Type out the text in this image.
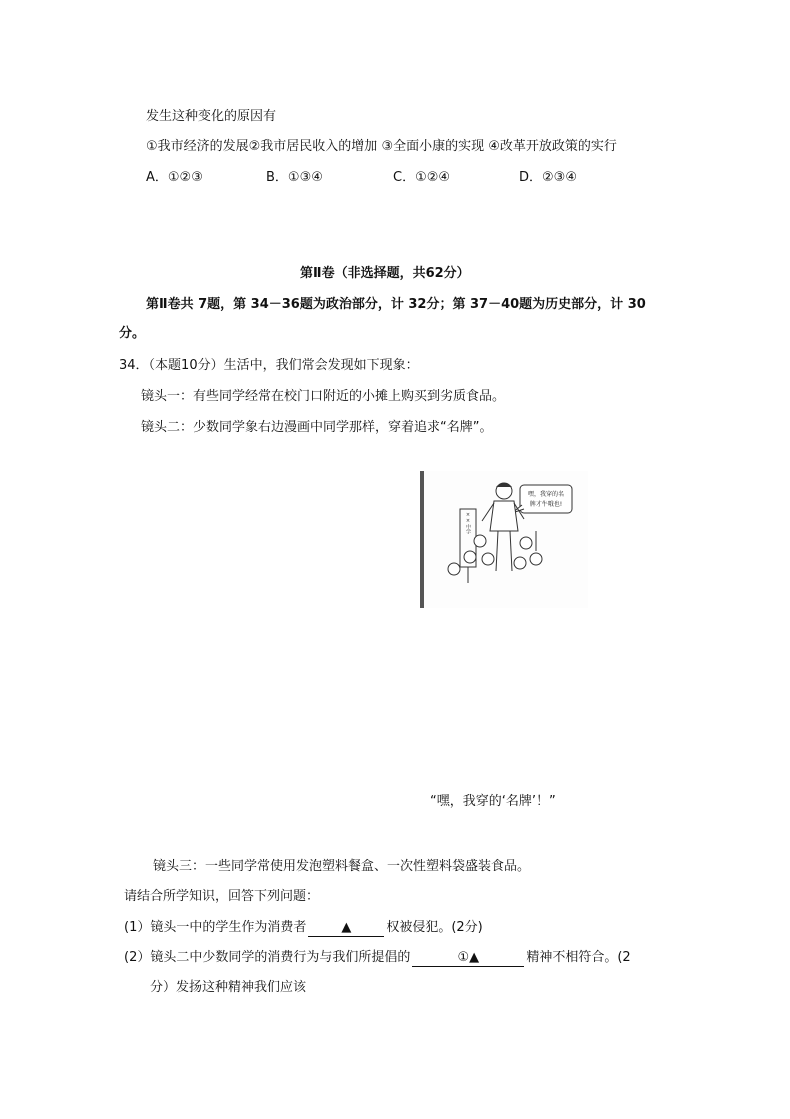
发生这种变化的原因有
①我市经济的发展②我市居民收入的增加 ③全面小康的实现 ④改革开放政策的实行
A．①②③	B．①③④	C．①②④	D．②③④
第Ⅱ卷（非选择题，共62分）
第Ⅱ卷共 7题，第 34－36题为政治部分，计 32分；第 37－40题为历史部分，计 30
分。
34．（本题10分）生活中，我们常会发现如下现象：
镜头一：有些同学经常在校门口附近的小摊上购买到劣质食品。
镜头二：少数同学象右边漫画中同学那样，穿着追求“名牌”。
××中学
嘿，我穿的名
牌才牛哦也!
“嘿，我穿的‘名牌’！”
镜头三：一些同学常使用发泡塑料餐盒、一次性塑料袋盛装食品。
请结合所学知识，回答下列问题：
(1）镜头一中的学生作为消费者	▲	权被侵犯。(2分)
(2）镜头二中少数同学的消费行为与我们所提倡的	①▲	精神不相符合。(2
分）发扬这种精神我们应该
